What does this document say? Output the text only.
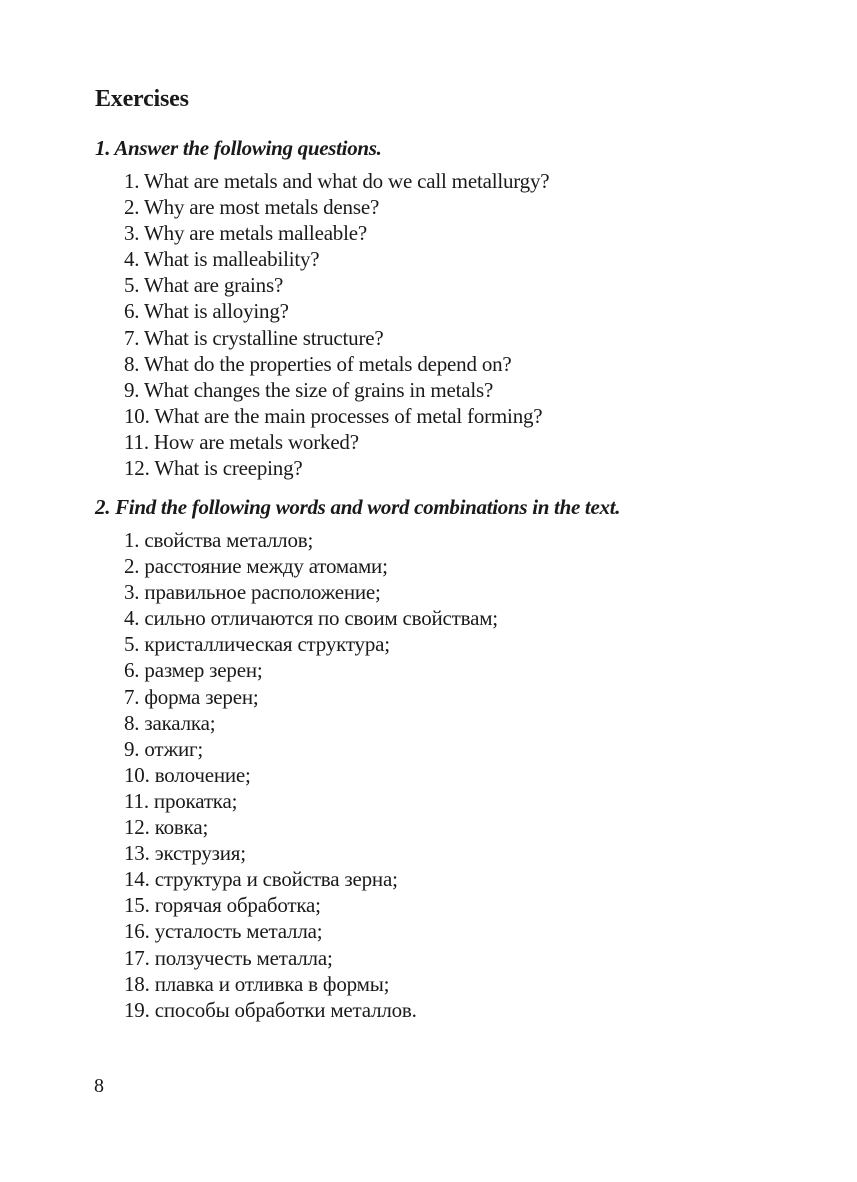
Exercises
1. Answer the following questions.
1. What are metals and what do we call metallurgy?
2. Why are most metals dense?
3. Why are metals malleable?
4. What is malleability?
5. What are grains?
6. What is alloying?
7. What is crystalline structure?
8. What do the properties of metals depend on?
9. What changes the size of grains in metals?
10. What are the main processes of metal forming?
11. How are metals worked?
12. What is creeping?
2. Find the following words and word combinations in the text.
1. свойства металлов;
2. расстояние между атомами;
3. правильное расположение;
4. сильно отличаются по своим свойствам;
5. кристаллическая структура;
6. размер зерен;
7. форма зерен;
8. закалка;
9. отжиг;
10. волочение;
11. прокатка;
12. ковка;
13. экструзия;
14. структура и свойства зерна;
15. горячая обработка;
16. усталость металла;
17. ползучесть металла;
18. плавка и отливка в формы;
19. способы обработки металлов.
8
